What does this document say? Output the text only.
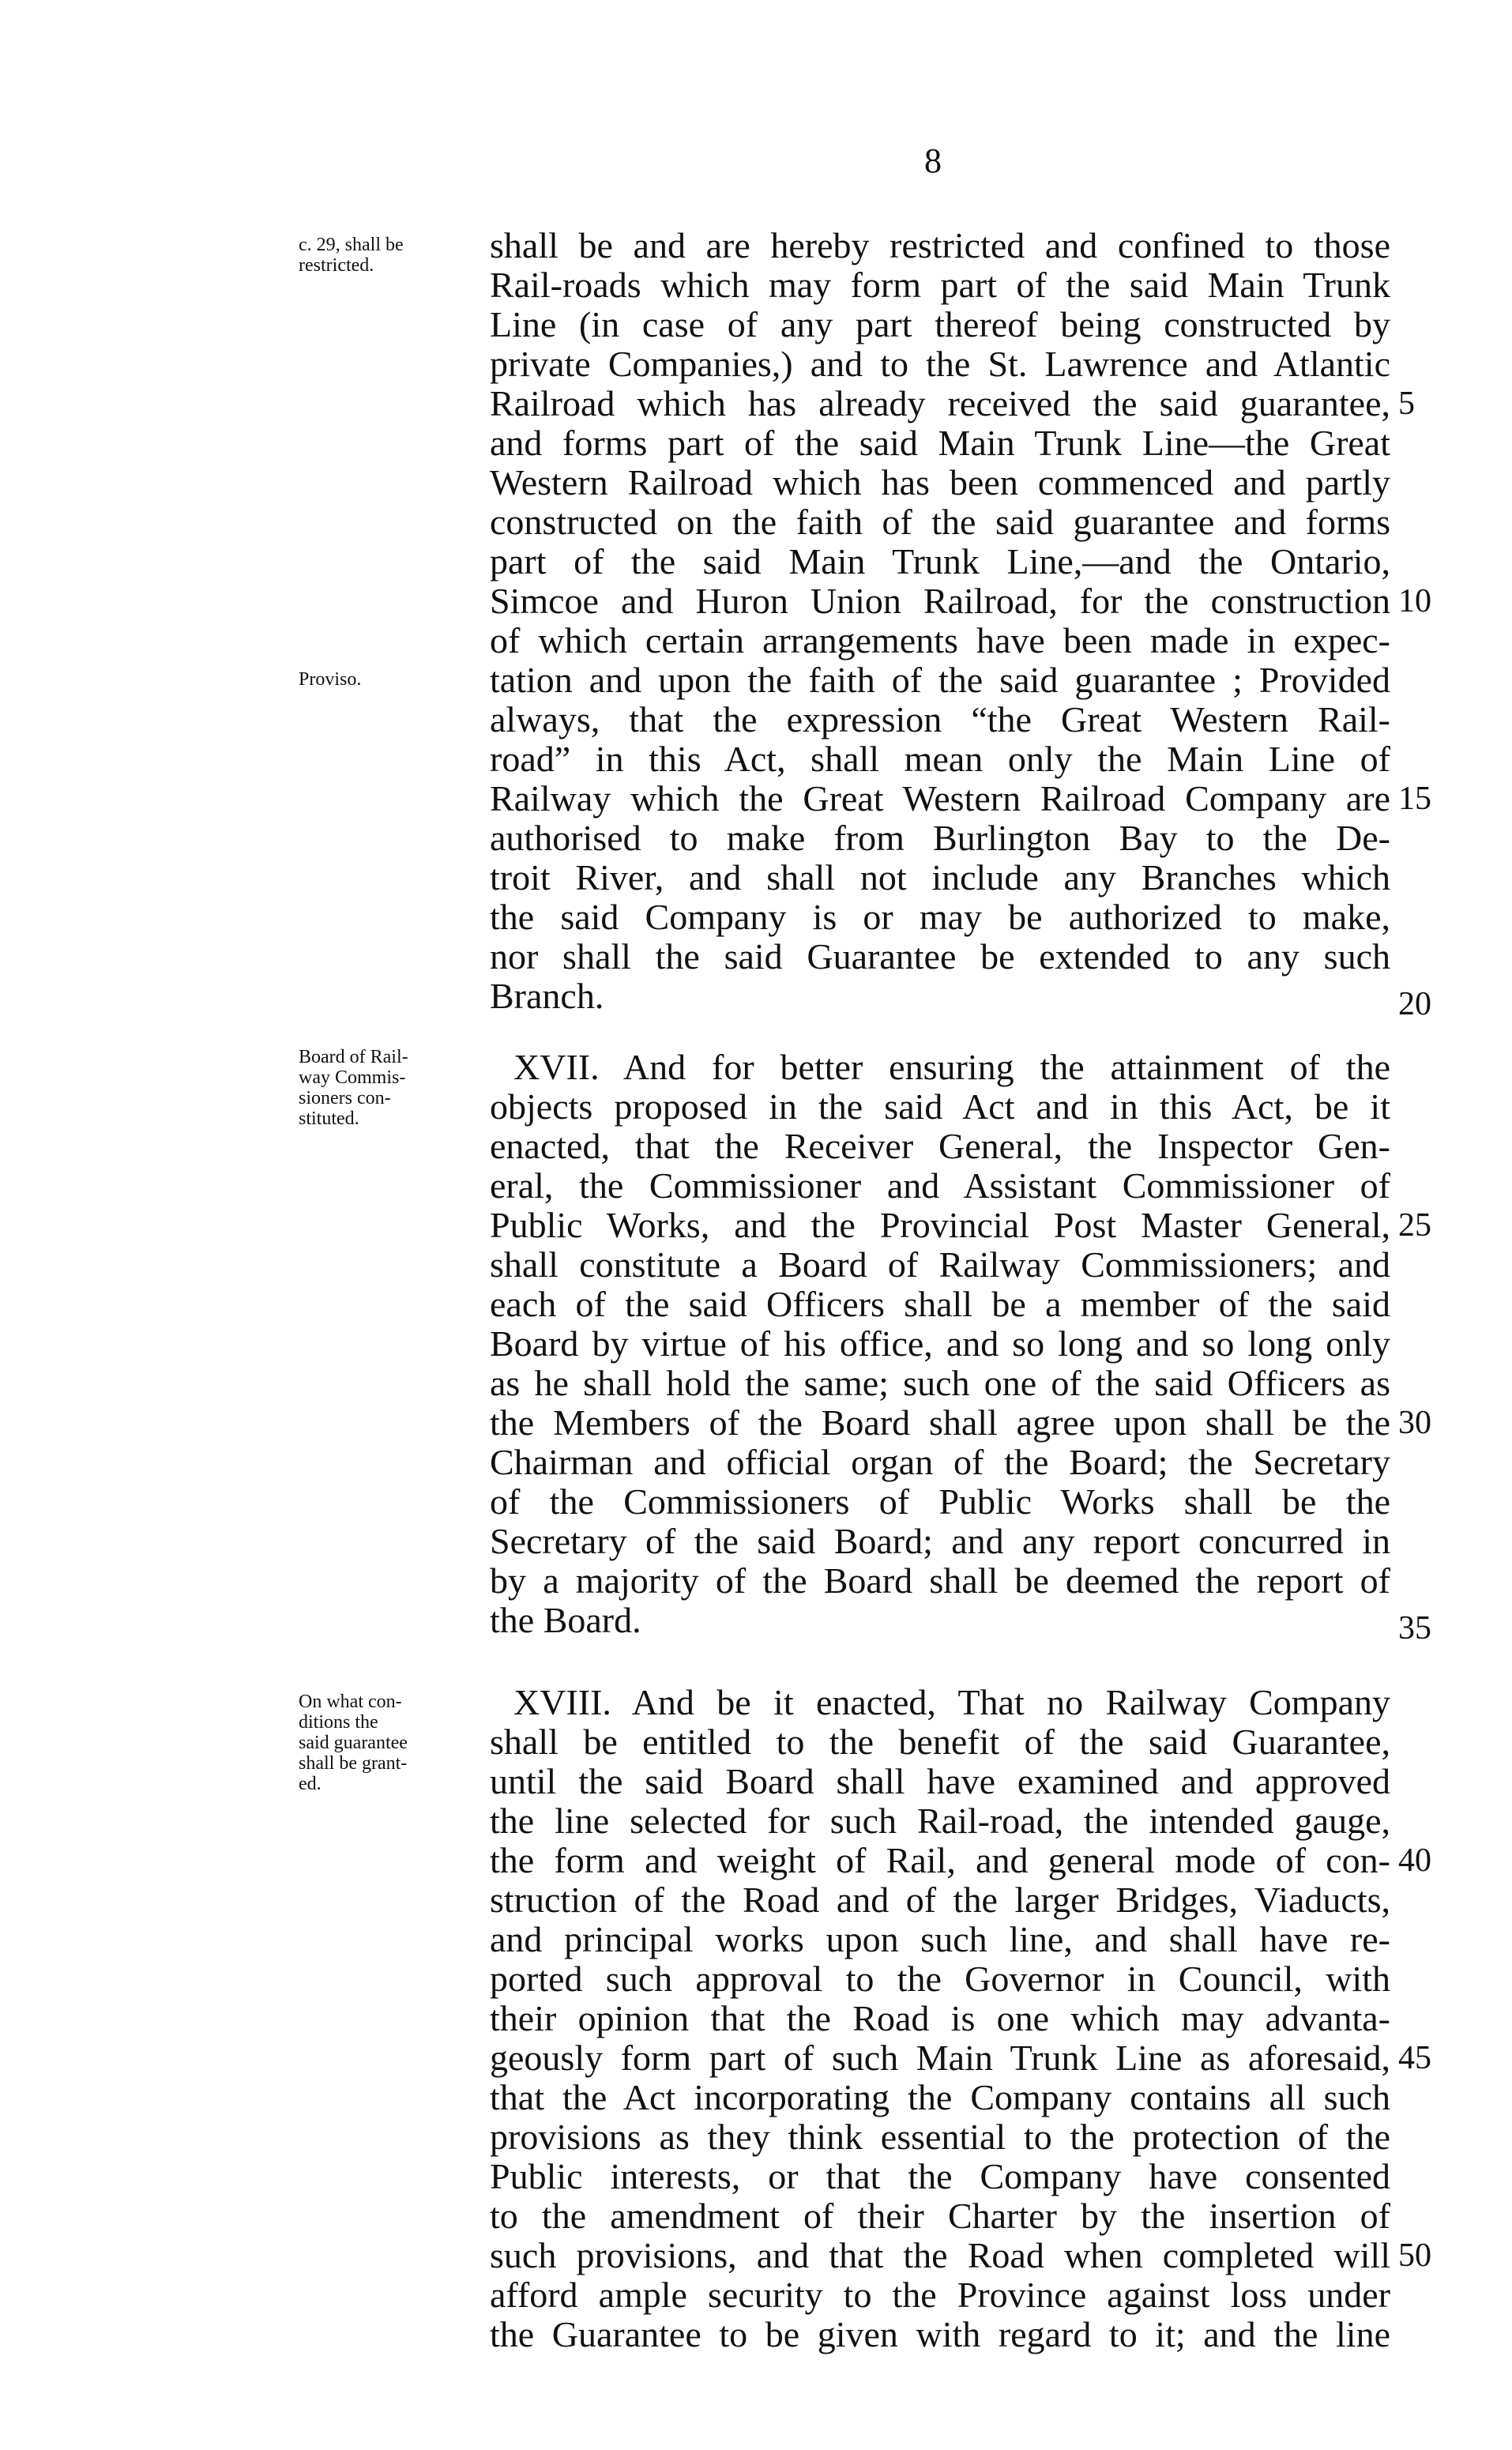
8
c. 29, shall be
restricted.
Proviso.
shall be and are hereby restricted and confined to those
Rail-roads which may form part of the said Main Trunk
Line (in case of any part thereof being constructed by
private Companies,) and to the St. Lawrence and Atlantic
Railroad which has already received the said guarantee,
and forms part of the said Main Trunk Line—the Great
Western Railroad which has been commenced and partly
constructed on the faith of the said guarantee and forms
part of the said Main Trunk Line,—and the Ontario,
Simcoe and Huron Union Railroad, for the construction
of which certain arrangements have been made in expec-
tation and upon the faith of the said guarantee ; Provided
always, that the expression “the Great Western Rail-
road” in this Act, shall mean only the Main Line of
Railway which the Great Western Railroad Company are
authorised to make from Burlington Bay to the De-
troit River, and shall not include any Branches which
the said Company is or may be authorized to make,
nor shall the said Guarantee be extended to any such
Branch.
5
10
15
20
Board of Rail-
way Commis-
sioners con-
stituted.
XVII. And for better ensuring the attainment of the
objects proposed in the said Act and in this Act, be it
enacted, that the Receiver General, the Inspector Gen-
eral, the Commissioner and Assistant Commissioner of
Public Works, and the Provincial Post Master General,
shall constitute a Board of Railway Commissioners; and
each of the said Officers shall be a member of the said
Board by virtue of his office, and so long and so long only
as he shall hold the same; such one of the said Officers as
the Members of the Board shall agree upon shall be the
Chairman and official organ of the Board; the Secretary
of the Commissioners of Public Works shall be the
Secretary of the said Board; and any report concurred in
by a majority of the Board shall be deemed the report of
the Board.
25
30
35
On what con-
ditions the
said guarantee
shall be grant-
ed.
XVIII. And be it enacted, That no Railway Company
shall be entitled to the benefit of the said Guarantee,
until the said Board shall have examined and approved
the line selected for such Rail-road, the intended gauge,
the form and weight of Rail, and general mode of con-
struction of the Road and of the larger Bridges, Viaducts,
and principal works upon such line, and shall have re-
ported such approval to the Governor in Council, with
their opinion that the Road is one which may advanta-
geously form part of such Main Trunk Line as aforesaid,
that the Act incorporating the Company contains all such
provisions as they think essential to the protection of the
Public interests, or that the Company have consented
to the amendment of their Charter by the insertion of
such provisions, and that the Road when completed will
afford ample security to the Province against loss under
the Guarantee to be given with regard to it; and the line
40
45
50
